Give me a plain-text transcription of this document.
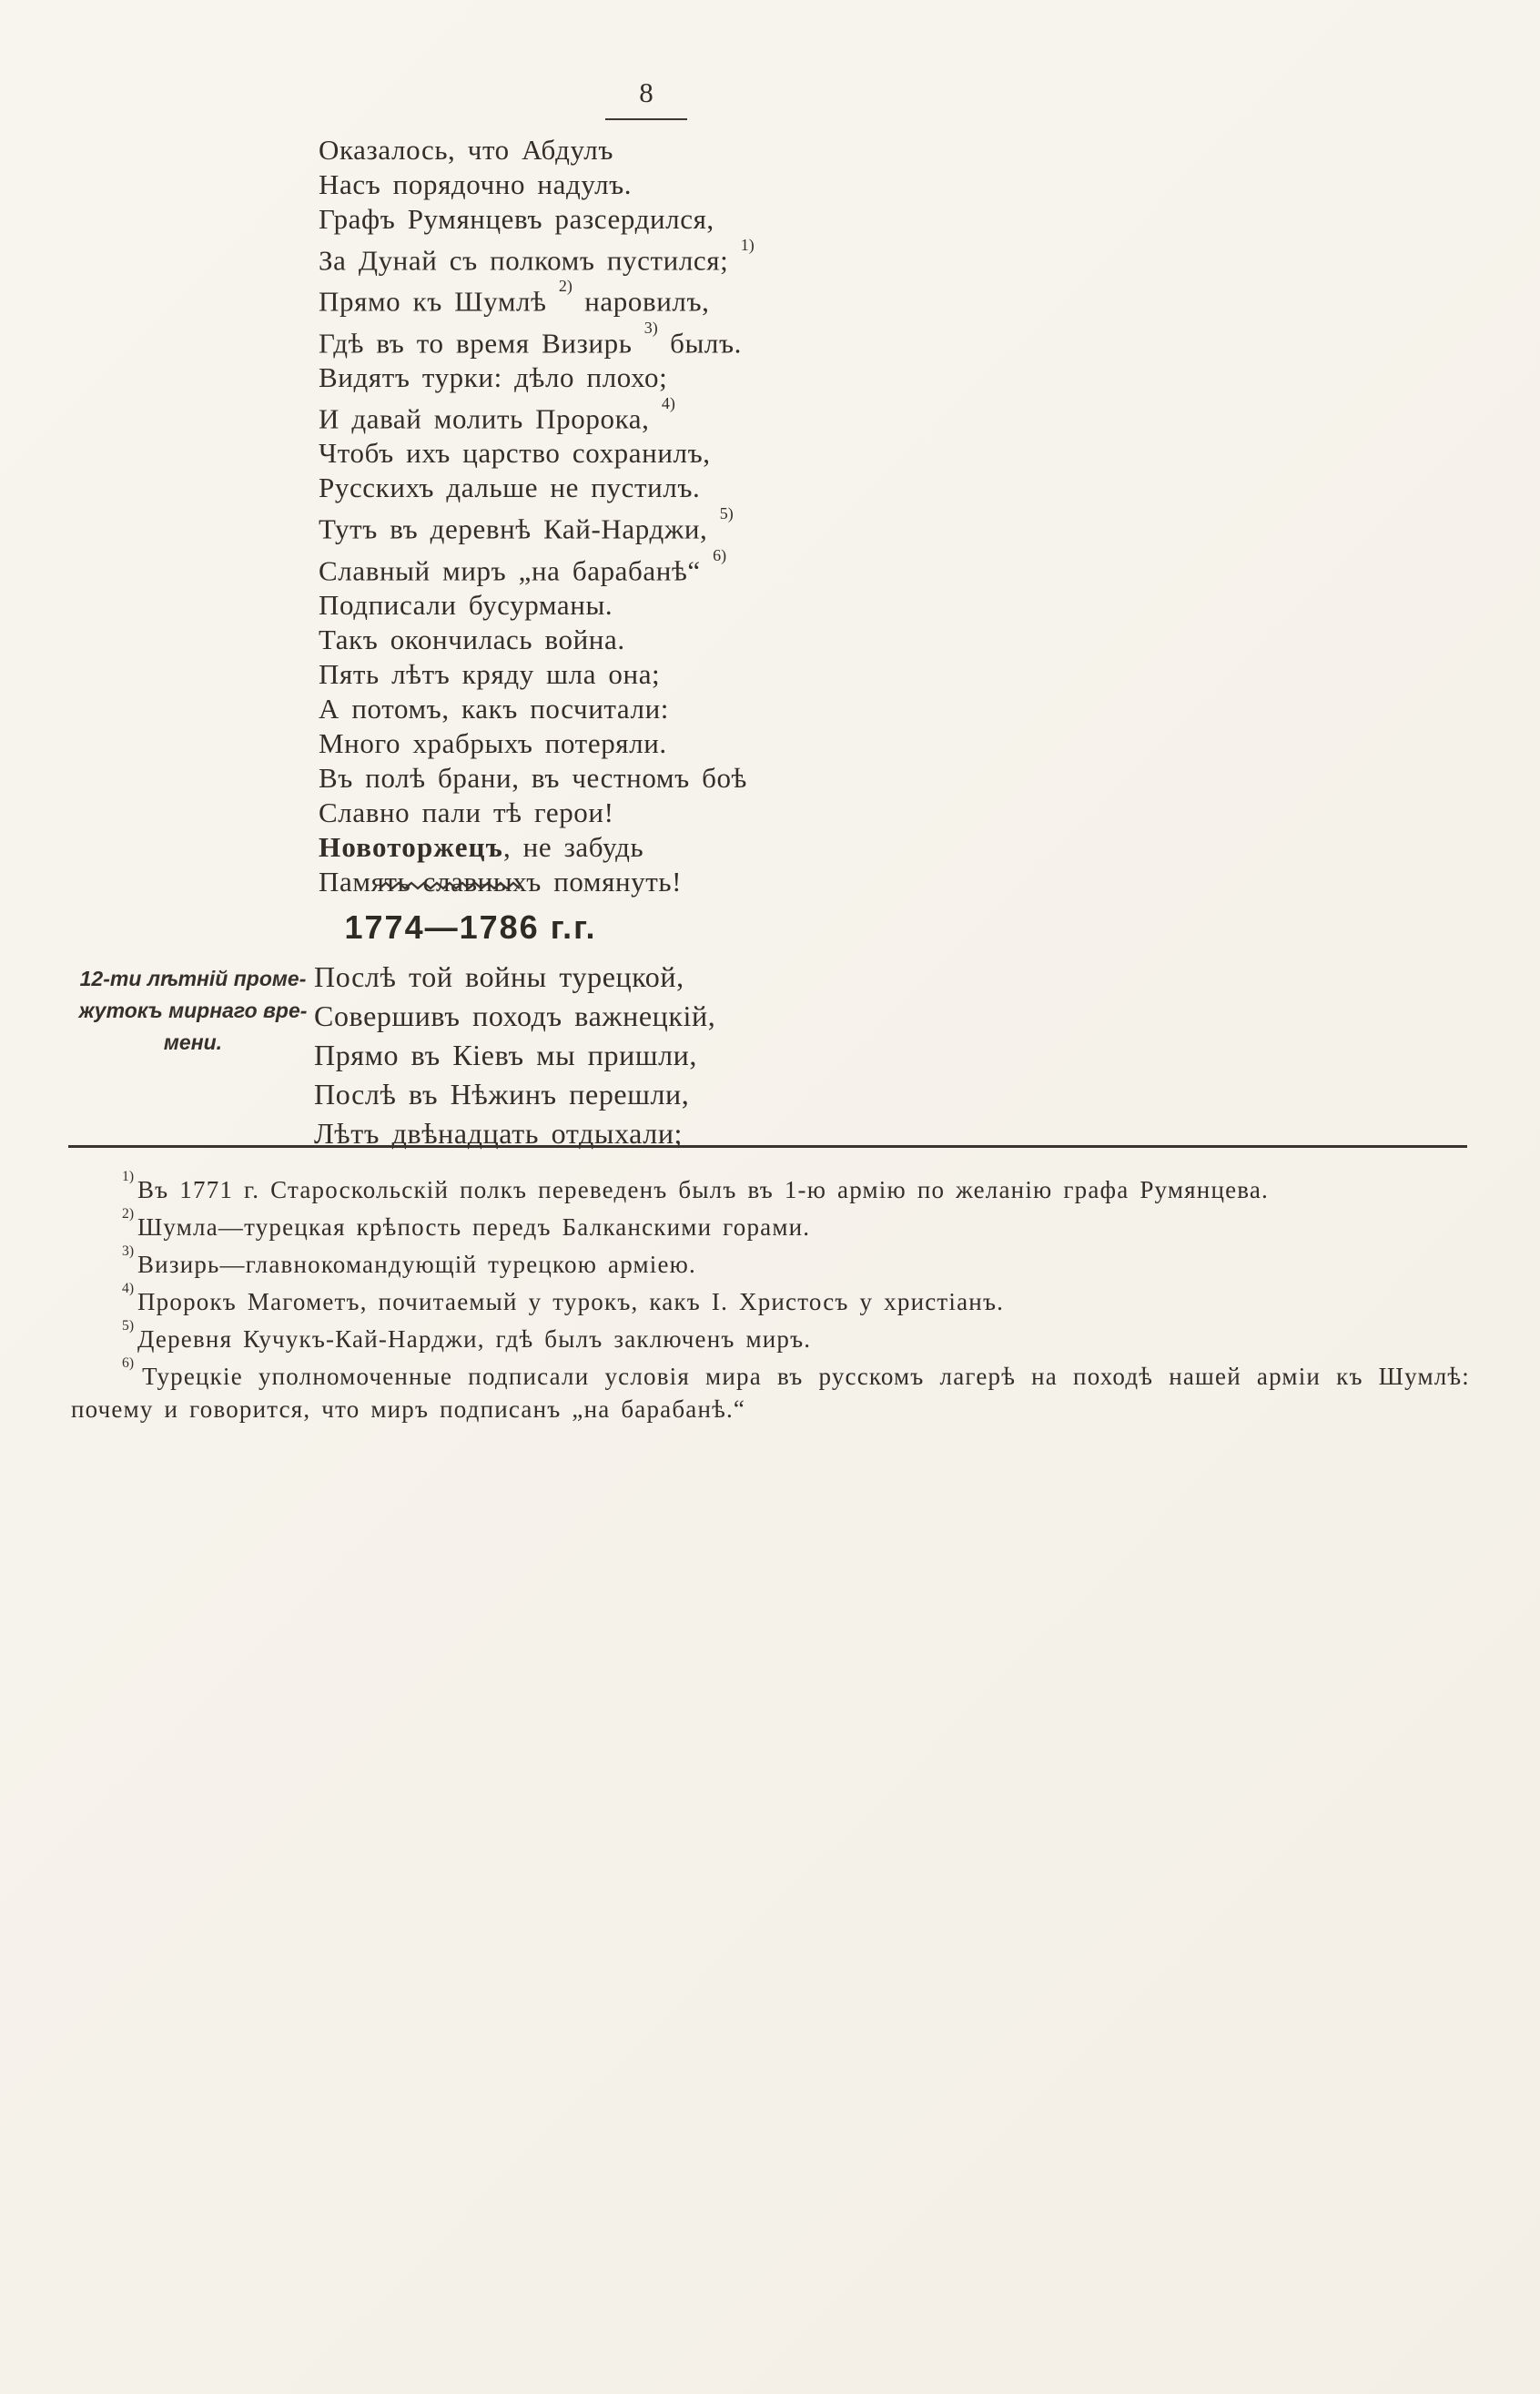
8
Оказалось, что Абдулъ
Насъ порядочно надулъ.
Графъ Румянцевъ разсердился,
За Дунай съ полкомъ пустился; $^{1)}$
Прямо къ Шумлѣ $^{2)}$ наровилъ,
Гдѣ въ то время Визирь $^{3)}$ былъ.
Видятъ турки: дѣло плохо;
И давай молить Пророка, $^{4)}$
Чтобъ ихъ царство сохранилъ,
Русскихъ дальше не пустилъ.
Тутъ въ деревнѣ Кай-Нарджи, $^{5)}$
Славный миръ „на барабанѣ“ $^{6)}$
Подписали бусурманы.
Такъ окончилась война.
Пять лѣтъ кряду шла она;
А потомъ, какъ посчитали:
Много храбрыхъ потеряли.
Въ полѣ брани, въ честномъ боѣ
Славно пали тѣ герои!
Новоторжецъ, не забудь
Память славныхъ помянуть!
1774—1786 г.г.
12-ти лѣтній проме-
жутокъ мирнаго вре-
мени.
Послѣ той войны турецкой,
Совершивъ походъ важнецкій,
Прямо въ Кіевъ мы пришли,
Послѣ въ Нѣжинъ перешли,
Лѣтъ двѣнадцать отдыхали;

$^{1)}$ Въ 1771 г. Староскольскій полкъ переведенъ былъ въ 1-ю армію по желанію графа Румянцева.

$^{2)}$ Шумла—турецкая крѣпость передъ Балканскими горами.

$^{3)}$ Визирь—главнокомандующій турецкою арміею.

$^{4)}$ Пророкъ Магометъ, почитаемый у турокъ, какъ I. Христосъ у христіанъ.

$^{5)}$ Деревня Кучукъ-Кай-Нарджи, гдѣ былъ заключенъ миръ.

$^{6)}$ Турецкіе уполномоченные подписали условія мира въ русскомъ лагерѣ на походѣ нашей арміи къ Шумлѣ: почему и говорится, что миръ подписанъ „на барабанѣ.“
